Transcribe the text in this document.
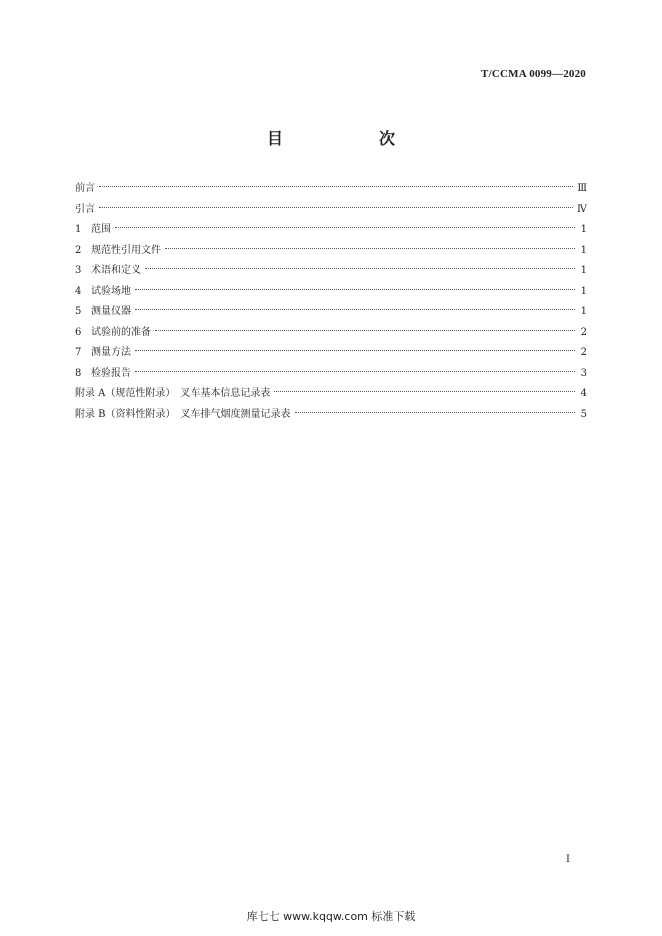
T/CCMA 0099—2020
目　次
前言	Ⅲ
引言	Ⅳ
1 范围	1
2 规范性引用文件	1
3 术语和定义	1
4 试验场地	1
5 测量仪器	1
6 试验前的准备	2
7 测量方法	2
8 检验报告	3
附录 A（规范性附录）　叉车基本信息记录表	4
附录 B（资料性附录）　叉车排气烟度测量记录表	5
I
库七七 www.kqqw.com 标准下载
